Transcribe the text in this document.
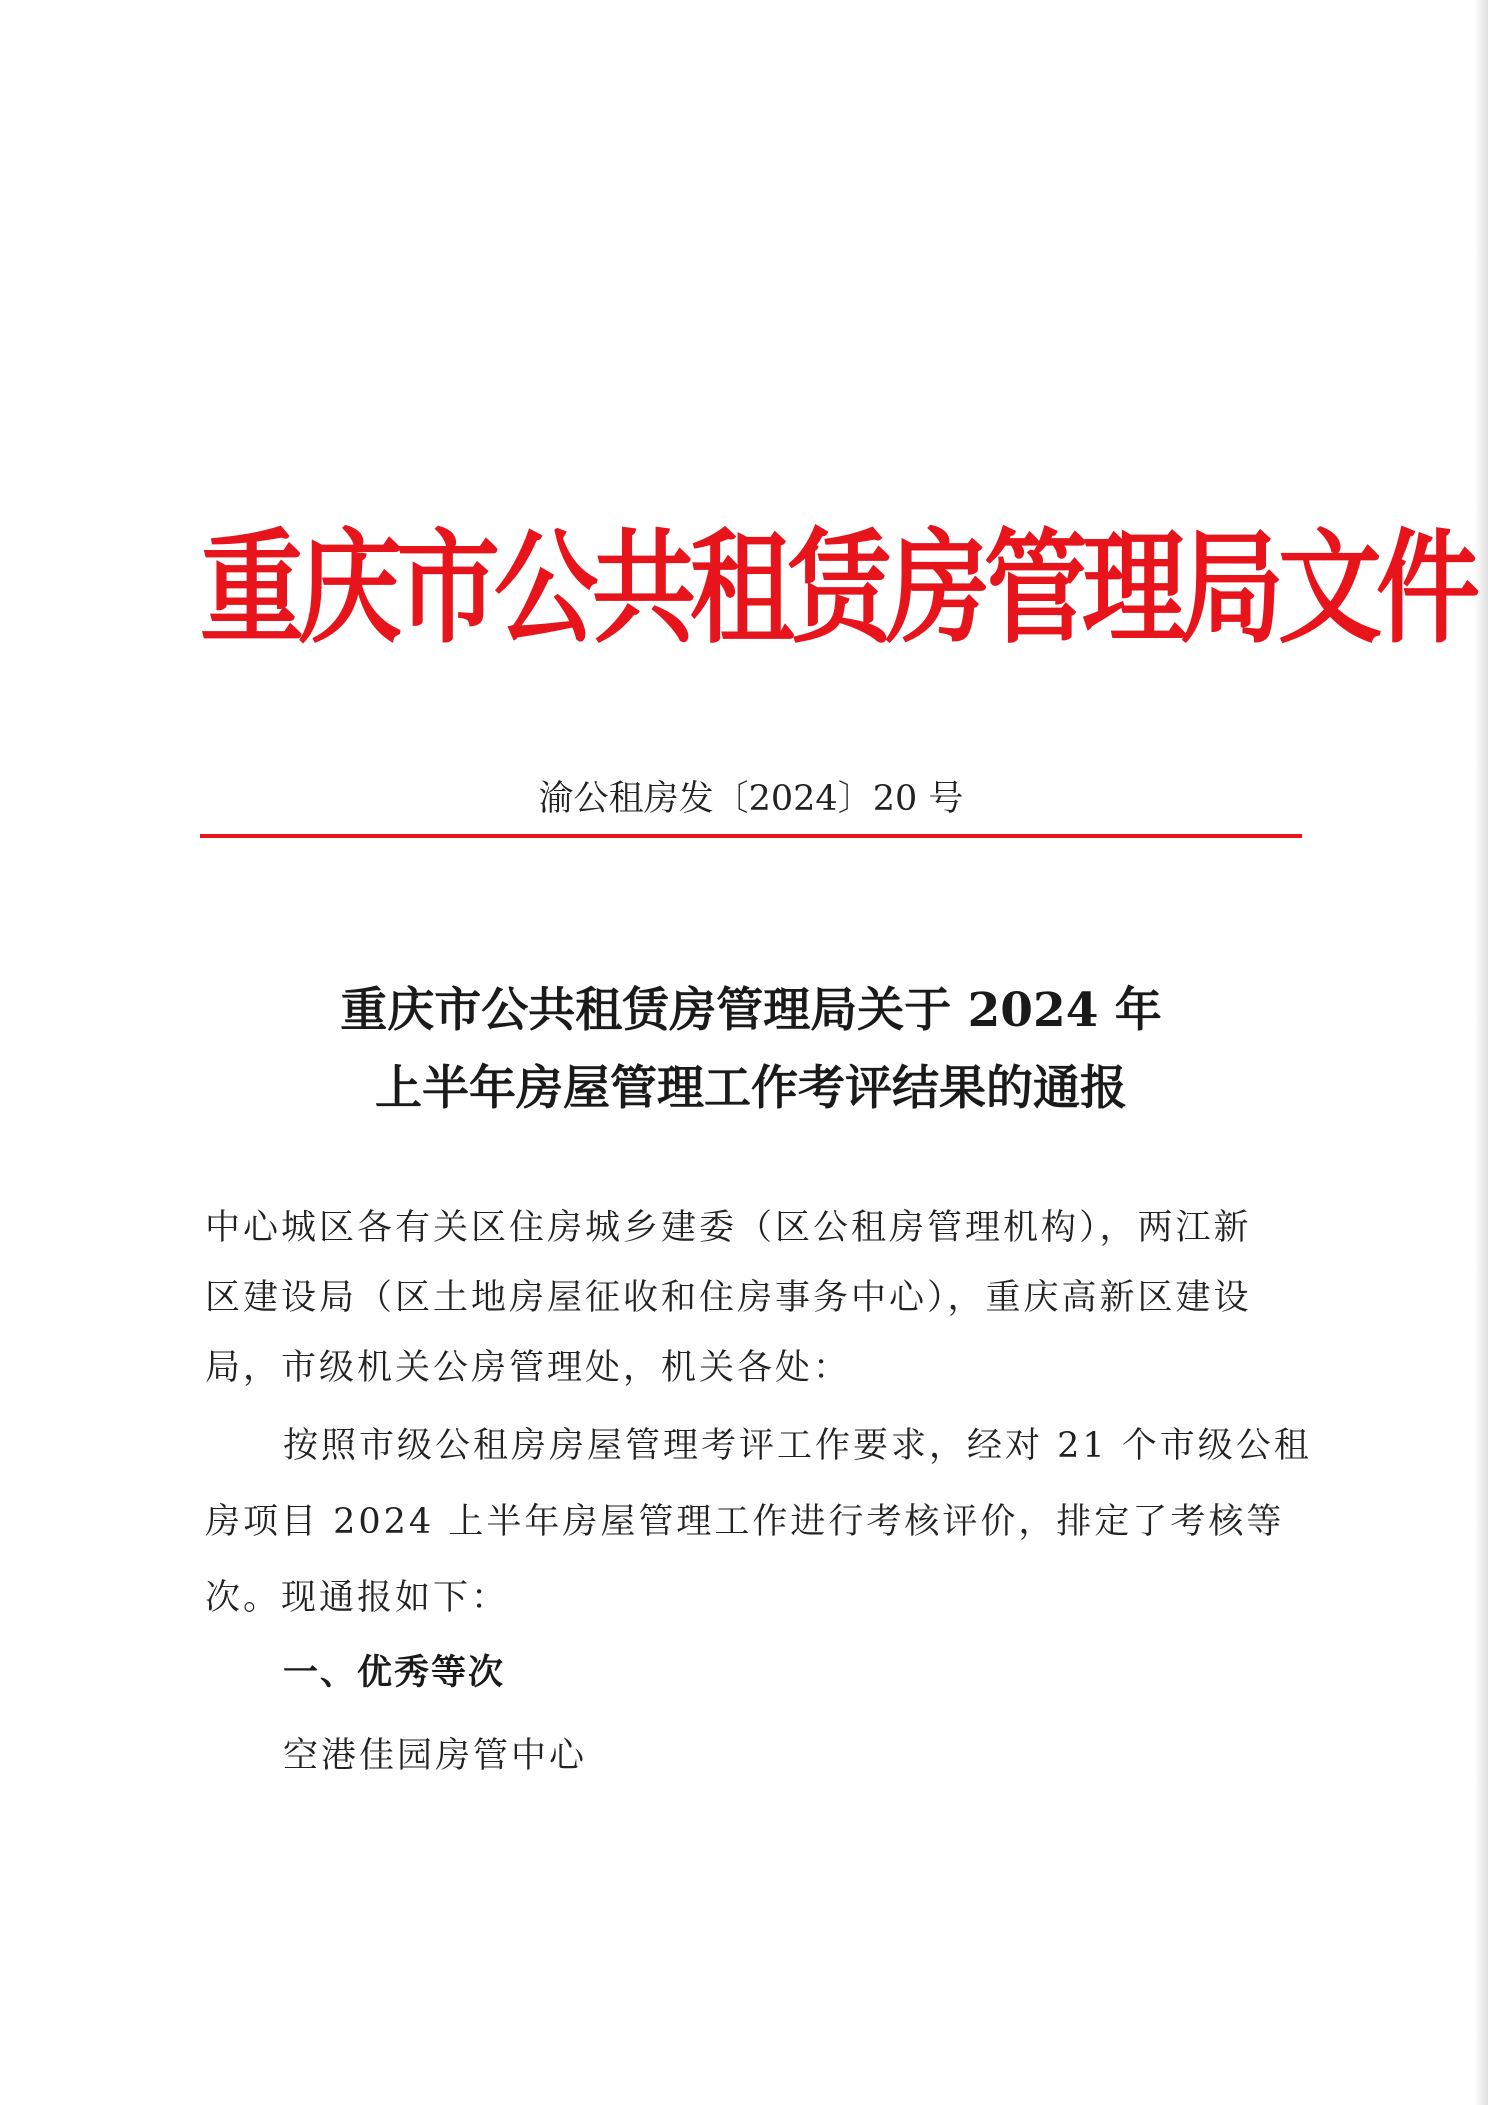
重庆市公共租赁房管理局文件
渝公租房发〔2024〕20 号
重庆市公共租赁房管理局关于 2024 年
上半年房屋管理工作考评结果的通报
中心城区各有关区住房城乡建委（区公租房管理机构），两江新
区建设局（区土地房屋征收和住房事务中心），重庆高新区建设
局，市级机关公房管理处，机关各处：
按照市级公租房房屋管理考评工作要求，经对 21 个市级公租
房项目 2024 上半年房屋管理工作进行考核评价，排定了考核等
次。现通报如下：
一、优秀等次
空港佳园房管中心
